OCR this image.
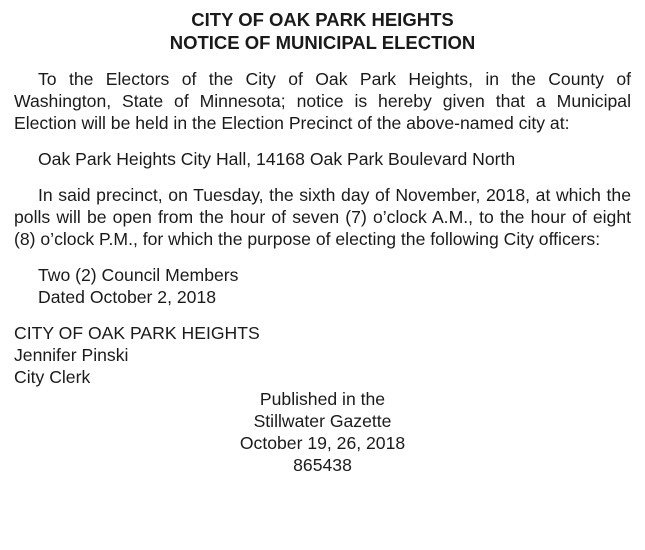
CITY OF OAK PARK HEIGHTS
NOTICE OF MUNICIPAL ELECTION

To the Electors of the City of Oak Park Heights, in the County of Washington, State of Minnesota; notice is hereby given that a Municipal Election will be held in the Election Precinct of the above-named city at:

Oak Park Heights City Hall, 14168 Oak Park Boulevard North

In said precinct, on Tuesday, the sixth day of November, 2018, at which the polls will be open from the hour of seven (7) o’clock A.M., to the hour of eight (8) o’clock P.M., for which the purpose of electing the following City officers:

Two (2) Council Members

Dated October 2, 2018

CITY OF OAK PARK HEIGHTS

Jennifer Pinski

City Clerk

Published in the

Stillwater Gazette

October 19, 26, 2018

865438
